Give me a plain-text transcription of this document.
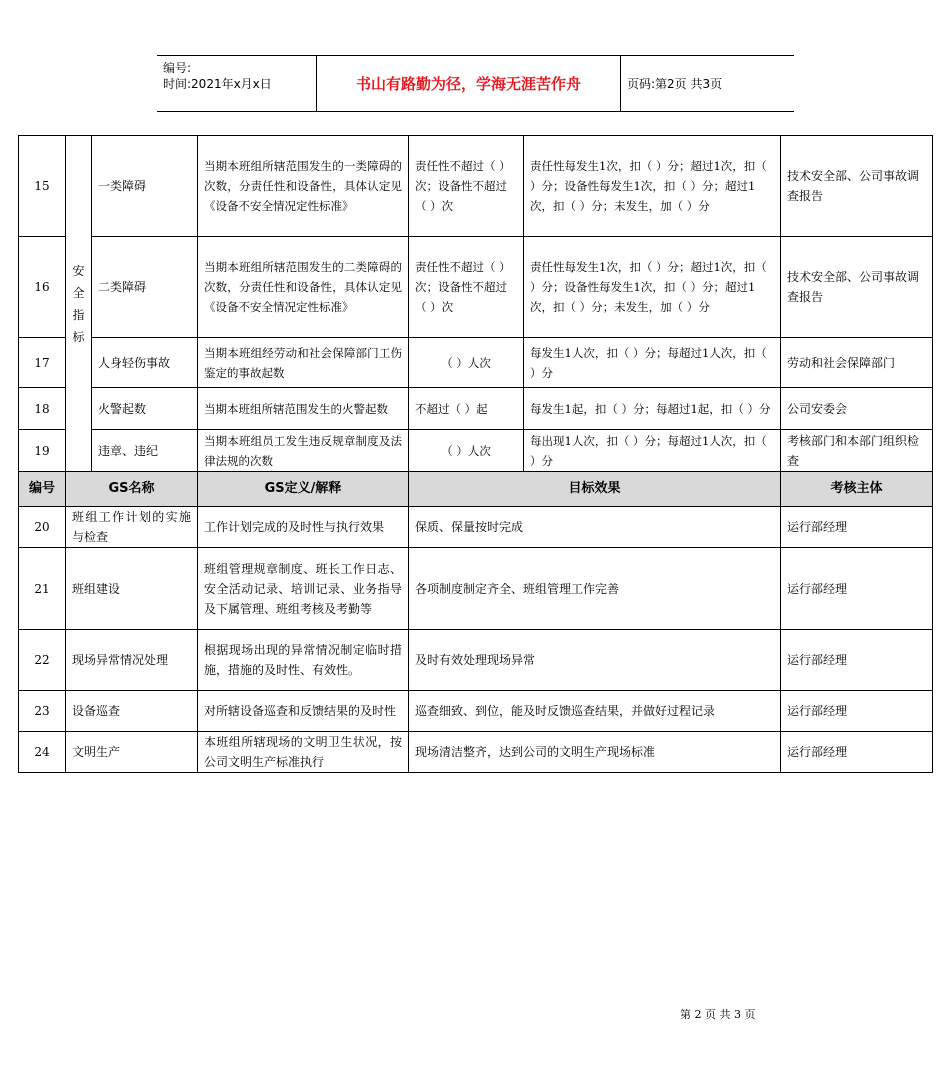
编号:
时间:2021年x月x日	书山有路勤为径，学海无涯苦作舟	页码:第2页 共3页
15	安全指标	一类障碍	当期本班组所辖范围发生的一类障碍的次数，分责任性和设备性，具体认定见《设备不安全情况定性标准》	责任性不超过（ ）次；设备性不超过（ ）次	责任性每发生1次，扣（ ）分；超过1次，扣（ ）分；设备性每发生1次，扣（ ）分；超过1次，扣（ ）分；未发生，加（ ）分	技术安全部、公司事故调查报告
16		二类障碍	当期本班组所辖范围发生的二类障碍的次数，分责任性和设备性，具体认定见《设备不安全情况定性标准》	责任性不超过（ ）次；设备性不超过（ ）次	责任性每发生1次，扣（ ）分；超过1次，扣（ ）分；设备性每发生1次，扣（ ）分；超过1次，扣（ ）分；未发生，加（ ）分	技术安全部、公司事故调查报告
17		人身轻伤事故	当期本班组经劳动和社会保障部门工伤鉴定的事故起数	（ ）人次	每发生1人次，扣（ ）分；每超过1人次，扣（ ）分	劳动和社会保障部门
18		火警起数	当期本班组所辖范围发生的火警起数	不超过（ ）起	每发生1起，扣（ ）分；每超过1起，扣（ ）分	公司安委会
19		违章、违纪	当期本班组员工发生违反规章制度及法律法规的次数	（ ）人次	每出现1人次，扣（ ）分；每超过1人次，扣（ ）分	考核部门和本部门组织检查
编号	GS名称		GS定义/解释	目标效果		考核主体
20	班组工作计划的实施与检查		工作计划完成的及时性与执行效果	保质、保量按时完成		运行部经理
21	班组建设		班组管理规章制度、班长工作日志、安全活动记录、培训记录、业务指导及下属管理、班组考核及考勤等	各项制度制定齐全、班组管理工作完善		运行部经理
22	现场异常情况处理		根据现场出现的异常情况制定临时措施，措施的及时性、有效性。	及时有效处理现场异常		运行部经理
23	设备巡查		对所辖设备巡查和反馈结果的及时性	巡查细致、到位，能及时反馈巡查结果，并做好过程记录		运行部经理
24	文明生产		本班组所辖现场的文明卫生状况，按公司文明生产标准执行	现场清洁整齐，达到公司的文明生产现场标准		运行部经理
第 2 页 共 3 页
